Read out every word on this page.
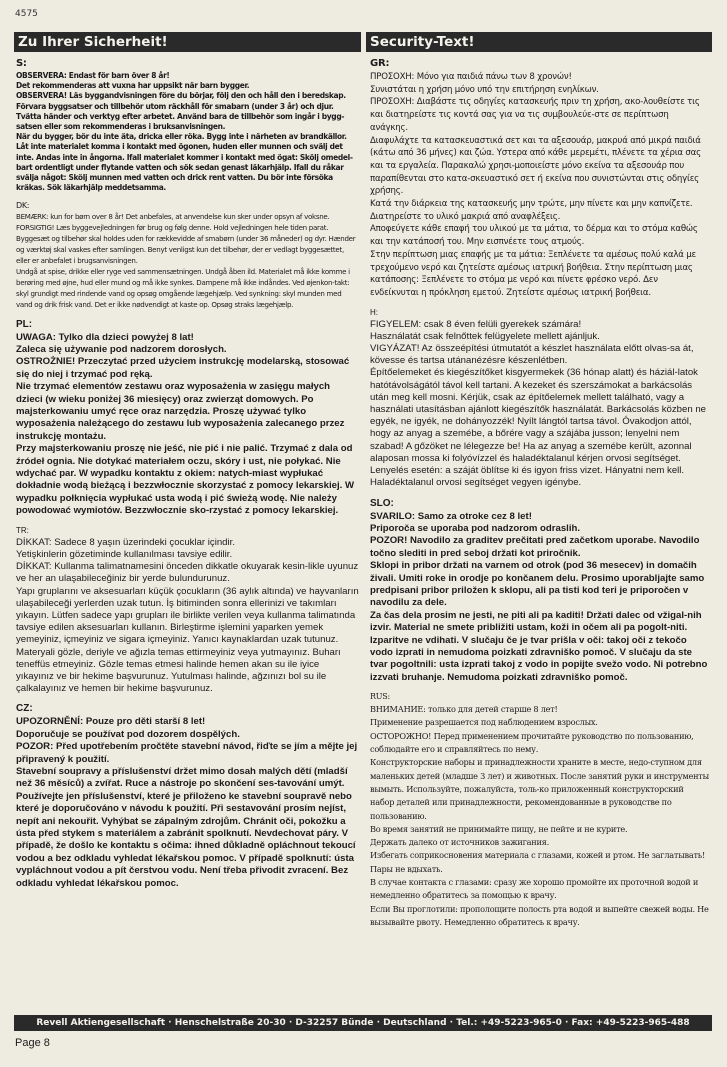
4575
Zu Ihrer Sicherheit!	Security-Text!
S:

OBSERVERA: Endast för barn över 8 år!

Det rekommenderas att vuxna har uppsikt när barn bygger.

OBSERVERA! Läs byggandvisningen före du börjar, följ den och håll den i beredskap. Förvara byggsatser och tillbehör utom räckhåll för smabarn (under 3 år) och djur. Tvätta händer och verktyg efter arbetet. Använd bara de tillbehör som ingår i bygg-satsen eller som rekommenderas i bruksanvisningen.

När du bygger, bör du inte äta, dricka eller röka. Bygg inte i närheten av brandkällor. Låt inte materialet komma i kontakt med ögonen, huden eller munnen och svälj det inte. Andas inte in ångorna. Ifall materialet kommer i kontakt med ögat: Skölj omedel-bart ordentligt under flytande vatten och sök sedan genast läkarhjälp. Ifall du råkar svälja något: Skölj munnen med vatten och drick rent vatten. Du bör inte försöka kräkas. Sök läkarhjälp meddetsamma.

DK:

BEMÆRK: kun for børn over 8 år! Det anbefales, at anvendelse kun sker under opsyn af voksne.

FORSIGTIG! Læs byggevejledningen før brug og følg denne. Hold vejledningen hele tiden parat. Byggesæt og tilbehør skal holdes uden for rækkevidde af smabørn (under 36 måneder) og dyr. Hænder og værktøj skal vaskes efter samlingen. Benyt venligst kun det tilbehør, der er vedlagt byggesættet, eller er anbefalet i brugsanvisningen.

Undgå at spise, drikke eller ryge ved sammensætningen. Undgå åben ild. Materialet må ikke komme i berøring med øjne, hud eller mund og må ikke synkes. Dampene må ikke indåndes. Ved øjenkon-takt: skyl grundigt med rindende vand og opsøg omgående lægehjælp. Ved synkning: skyl munden med vand og drik frisk vand. Det er ikke nødvendigt at kaste op. Opsøg straks lægehjælp.

PL:

UWAGA: Tylko dla dzieci powyżej 8 lat!

Zaleca się używanie pod nadzorem dorosłych.

OSTROŻNIE! Przeczytać przed użyciem instrukcję modelarską, stosować się do niej i trzymać pod ręką.

Nie trzymać elementów zestawu oraz wyposażenia w zasięgu małych dzieci (w wieku poniżej 36 miesięcy) oraz zwierząt domowych. Po majsterkowaniu umyć ręce oraz narzędzia. Proszę używać tylko wyposażenia należącego do zestawu lub wyposażenia zalecanego przez instrukcję montażu.

Przy majsterkowaniu proszę nie jeść, nie pić i nie palić. Trzymać z dala od źródeł ognia. Nie dotykać materiałem oczu, skóry i ust, nie połykać. Nie wdychać par. W wypadku kontaktu z okiem: natych-miast wypłukać dokładnie wodą bieżącą i bezzwłocznie skorzystać z pomocy lekarskiej. W wypadku połknięcia wypłukać usta wodą i pić świeżą wodę. Nie należy powodować wymiotów. Bezzwłocznie sko-rzystać z pomocy lekarskiej.

TR:

DİKKAT: Sadece 8 yaşın üzerindeki çocuklar içindir.

Yetişkinlerin gözetiminde kullanılması tavsiye edilir.

DİKKAT: Kullanma talimatnamesini önceden dikkatle okuyarak kesin-likle uyunuz ve her an ulaşabileceğiniz bir yerde bulundurunuz.

Yapı gruplarını ve aksesuarları küçük çocukların (36 aylık altında) ve hayvanların ulaşabileceği yerlerden uzak tutun. İş bitiminden sonra ellerinizi ve takımları yıkayın. Lütfen sadece yapı grupları ile birlikte verilen veya kullanma talimatında tavsiye edilen aksesuarları kullanın. Birleştirme işlemini yaparken yemek yemeyiniz, içmeyiniz ve sigara içmeyiniz. Yanıcı kaynaklardan uzak tutunuz. Materyali gözle, deriyle ve ağızla temas ettirmeyiniz veya yutmayınız. Buharı teneffüs etmeyiniz. Gözle temas etmesi halinde hemen akan su ile iyice yıkayınız ve bir hekime başvurunuz. Yutulması halinde, ağzınızı bol su ile çalkalayınız ve hemen bir hekime başvurunuz.

CZ:

UPOZORNĚNÍ: Pouze pro děti starší 8 let!

Doporučuje se používat pod dozorem dospělých.

POZOR: Před upotřebením pročtěte stavební návod, řiďte se jím a mějte jej připravený k použití.

Stavební soupravy a příslušenství držet mimo dosah malých dětí (mladší než 36 měsíců) a zvířat. Ruce a nástroje po skončení ses-tavování umýt. Používejte jen příslušenství, které je přiloženo ke stavební soupravě nebo které je doporučováno v návodu k použití. Při sestavování prosím nejíst, nepít ani nekouřit. Vyhýbat se zápalným zdrojům. Chránit oči, pokožku a ústa před stykem s materiálem a zabránit spolknutí. Nevdechovat páry. V případě, že došlo ke kontaktu s očima: ihned důkladně opláchnout tekoucí vodou a bez odkladu vyhledat lékařskou pomoc. V případě spolknutí: ústa vypláchnout vodou a pít čerstvou vodu. Není třeba přivodit zvracení. Bez odkladu vyhledat lékařskou pomoc.

GR:

ΠΡΟΣΟΧΗ: Μόνο για παιδιά πάνω των 8 χρονών!

Συνιστάται η χρήση μόνο υπό την επιτήρηση ενηλίκων.

ΠΡΟΣΟΧΗ: Διαβάστε τις οδηγίες κατασκευής πριν τη χρήση, ακο-λουθείστε τις και διατηρείστε τις κοντά σας για να τις συμβουλεύε-στε σε περίπτωση ανάγκης.

Διαφυλάχτε τα κατασκευαστικά σετ και τα αξεσουάρ, μακρυά από μικρά παιδιά (κάτω από 36 μήνες) και ζώα. Υστερα από κάθε μερεμέτι, πλένετε τα χέρια σας και τα εργαλεία. Παρακαλώ χρησι-μοποιείστε μόνο εκείνα τα αξεσουάρ που παραπίθενται στο κατα-σκευαστικό σετ ή εκείνα που συνιστώνται στις οδηγίες χρήσης.

Κατά την διάρκεια της κατασκευής μην τρώτε, μην πίνετε και μην καπνίζετε. Διατηρείστε το υλικό μακριά από αναφλέξεις.

Αποφεύγετε κάθε επαφή του υλικού με τα μάτια, το δέρμα και το στόμα καθώς και την κατάποσή του. Μην εισπνέετε τους ατμούς.

Στην περίπτωση μιας επαφής με τα μάτια: Ξεπλένετε τα αμέσως πολύ καλά με τρεχούμενο νερό και ζητείστε αμέσως ιατρική βοήθεια. Στην περίπτωση μιας κατάποσης: Ξεπλένετε το στόμα με νερό και πίνετε φρέσκο νερό. Δεν ενδείκνυται η πρόκληση εμετού. Ζητείστε αμέσως ιατρική βοήθεια.

H:

FIGYELEM: csak 8 éven felüli gyerekek számára!

Használatát csak felnőttek felügyelete mellett ajánljuk.

VIGYÁZAT! Az összeépítési útmutatót a készlet használata előtt olvas-sa át, kövesse és tartsa utánanézésre készenlétben.

Építőelemeket és kiegészítőket kisgyermekek (36 hónap alatt) és háziál-latok hatótávolságától távol kell tartani. A kezeket és szerszámokat a barkácsolás után meg kell mosni. Kérjük, csak az építőelemek mellett található, vagy a használati utasításban ajánlott kiegészítők használatát. Barkácsolás közben ne egyék, ne igyék, ne dohányozzék! Nyílt lángtól tartsa távol. Óvakodjon attól, hogy az anyag a szemébe, a bőrére vagy a szájába jusson; lenyelni nem szabad! A gőzöket ne lélegezze be! Ha az anyag a szemébe került, azonnal alaposan mossa ki folyóvízzel és haladéktalanul kérjen orvosi segítséget. Lenyelés esetén: a száját öblítse ki és igyon friss vizet. Hányatni nem kell. Haladéktalanul orvosi segítséget vegyen igénybe.

SLO:

SVARILO: Samo za otroke cez 8 let!

Priporoča se uporaba pod nadzorom odraslih.

POZOR! Navodilo za graditev prečitati pred začetkom uporabe. Navodilo točno slediti in pred seboj držati kot priročnik.

Sklopi in pribor držati na varnem od otrok (pod 36 mesecev) in domačih živali. Umiti roke in orodje po končanem delu. Prosimo uporabljajte samo predpisani pribor priložen k sklopu, ali pa tisti kod teri je priporočen v navodilu za dele.

Za čas dela prosim ne jesti, ne piti ali pa kaditi! Držati dalec od vžigal-nih izvir. Material ne smete približiti ustam, koži in očem ali pa pogolt-niti. Izparitve ne vdihati. V slučaju če je tvar prišla v oči: takoj oči z tekočo vodo izprati in nemudoma poizkati zdravniško pomoč. V slučaju da ste tvar pogoltnili: usta izprati takoj z vodo in popijte svežo vodo. Ni potrebno izzvati bruhanje. Nemudoma poizkati zdravniško pomoč.

RUS:

ВНИМАНИЕ: только для детей старше 8 лет!

Применение разрешается под наблюдением взрослых.

ОСТОРОЖНО! Перед применением прочитайте руководство по пользованию, соблюдайте его и справляйтесь по нему.

Конструкторские наборы и принадлежности храните в месте, недо-ступном для маленьких детей (младше 3 лет) и животных. После занятий руки и инструменты вымыть. Используйте, пожалуйста, толь-ко приложенный конструкторский набор деталей или принадлежности, рекомендованные в руководстве по пользованию.

Во время занятий не принимайте пищу, не пейте и не курите.

Держать далеко от источников зажигания.

Избегать соприкосновения материала с глазами, кожей и ртом. Не заглатывать!

Пары не вдыхать.

В случае контакта с глазами: сразу же хорошо промойте их проточной водой и немедленно обратитесь за помощью к врачу.

Если Вы проглотили: прополощите полость рта водой и выпейте свежей воды. Не вызывайте рвоту. Немедленно обратитесь к врачу.

Revell Aktiengesellschaft · Henschelstraße 20-30 · D-32257 Bünde · Deutschland · Tel.: +49-5223-965-0 · Fax: +49-5223-965-488
Page 8
